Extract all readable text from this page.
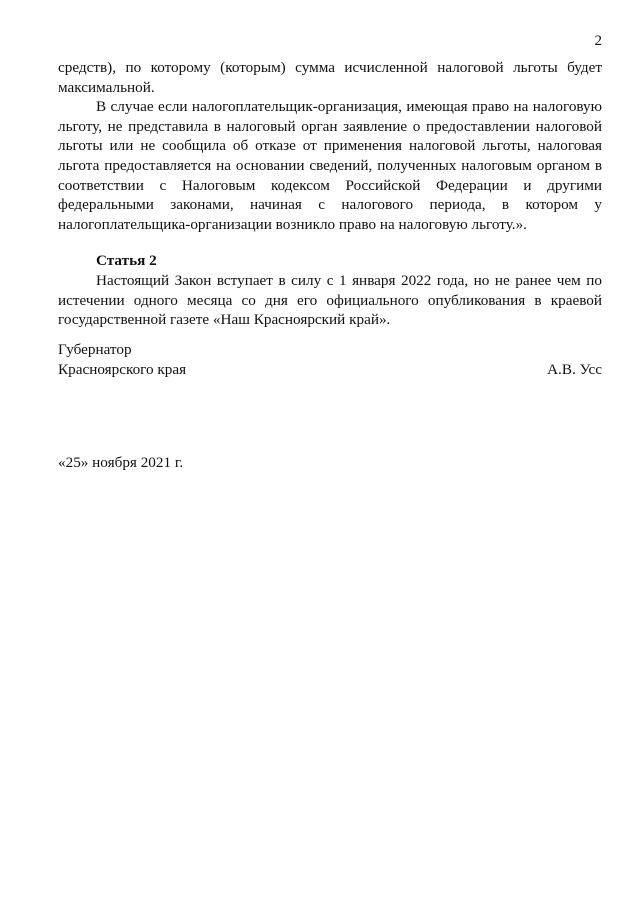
2

средств), по которому (которым) сумма исчисленной налоговой льготы будет максимальной.

В случае если налогоплательщик-организация, имеющая право на налоговую льготу, не представила в налоговый орган заявление о предоставлении налоговой льготы или не сообщила об отказе от применения налоговой льготы, налоговая льгота предоставляется на основании сведений, полученных налоговым органом в соответствии с Налоговым кодексом Российской Федерации и другими федеральными законами, начиная с налогового периода, в котором у налогоплательщика-организации возникло право на налоговую льготу.».

Статья 2

Настоящий Закон вступает в силу с 1 января 2022 года, но не ранее чем по истечении одного месяца со дня его официального опубликования в краевой государственной газете «Наш Красноярский край».

Губернатор
Красноярского края	А.В. Усс
«25» ноября 2021 г.
